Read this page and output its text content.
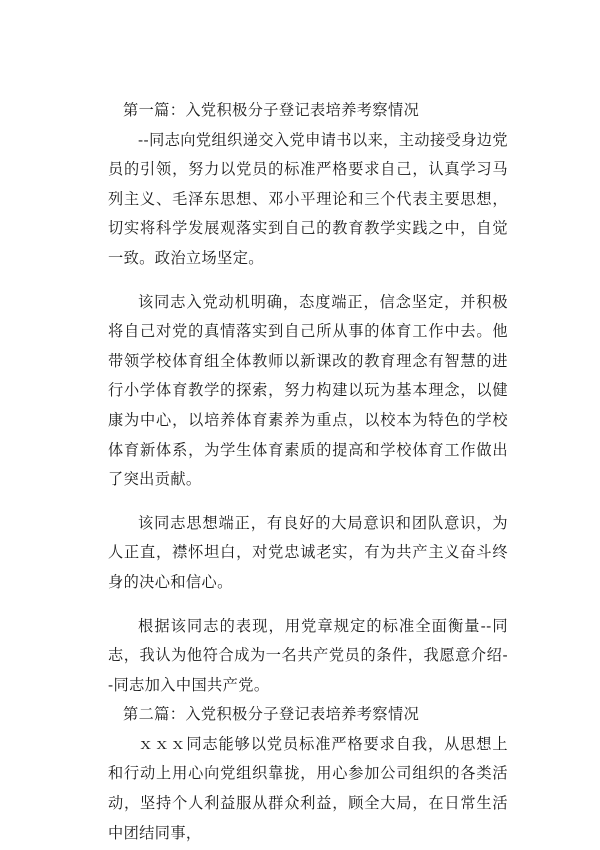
第一篇：入党积极分子登记表培养考察情况

--同志向党组织递交入党申请书以来，主动接受身边党员的引领，努力以党员的标准严格要求自己，认真学习马列主义、毛泽东思想、邓小平理论和三个代表主要思想，切实将科学发展观落实到自己的教育教学实践之中，自觉一致。政治立场坚定。

该同志入党动机明确，态度端正，信念坚定，并积极将自己对党的真情落实到自己所从事的体育工作中去。他带领学校体育组全体教师以新课改的教育理念有智慧的进行小学体育教学的探索，努力构建以玩为基本理念，以健康为中心，以培养体育素养为重点，以校本为特色的学校体育新体系，为学生体育素质的提高和学校体育工作做出了突出贡献。

该同志思想端正，有良好的大局意识和团队意识，为人正直，襟怀坦白，对党忠诚老实，有为共产主义奋斗终身的决心和信心。

根据该同志的表现，用党章规定的标准全面衡量--同志，我认为他符合成为一名共产党员的条件，我愿意介绍--同志加入中国共产党。

第二篇：入党积极分子登记表培养考察情况

ｘｘｘ同志能够以党员标准严格要求自我，从思想上和行动上用心向党组织靠拢，用心参加公司组织的各类活动，坚持个人利益服从群众利益，顾全大局，在日常生活中团结同事，
